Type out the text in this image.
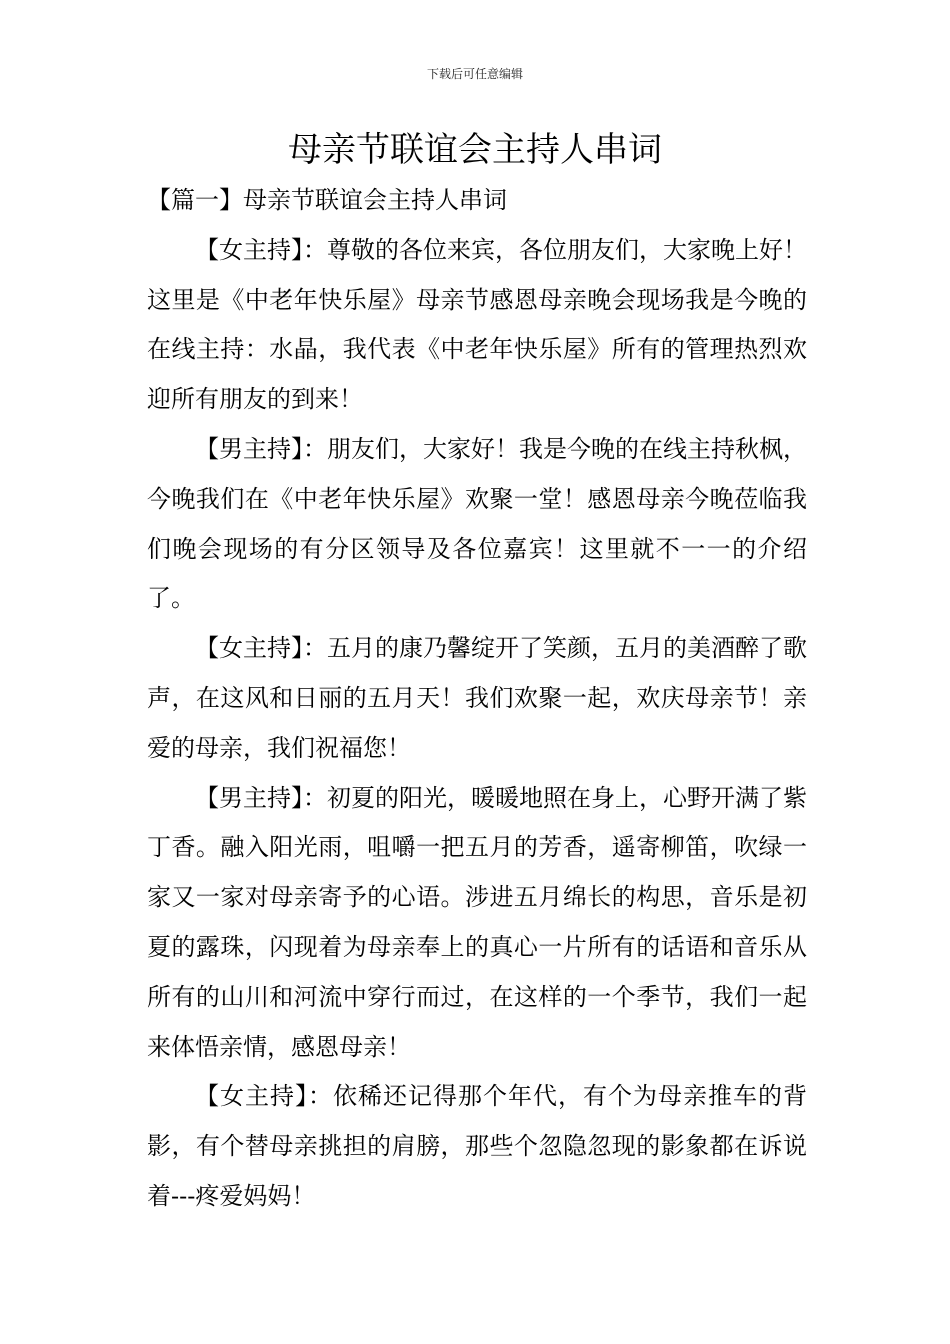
下载后可任意编辑
母亲节联谊会主持人串词

【篇一】母亲节联谊会主持人串词

【女主持】：尊敬的各位来宾，各位朋友们，大家晚上好！这里是《中老年快乐屋》母亲节感恩母亲晚会现场我是今晚的在线主持：水晶，我代表《中老年快乐屋》所有的管理热烈欢迎所有朋友的到来！

【男主持】：朋友们，大家好！我是今晚的在线主持秋枫，今晚我们在《中老年快乐屋》欢聚一堂！感恩母亲今晚莅临我们晚会现场的有分区领导及各位嘉宾！这里就不一一的介绍了。

【女主持】：五月的康乃馨绽开了笑颜，五月的美酒醉了歌声，在这风和日丽的五月天！我们欢聚一起，欢庆母亲节！亲爱的母亲，我们祝福您！

【男主持】：初夏的阳光，暖暖地照在身上，心野开满了紫丁香。融入阳光雨，咀嚼一把五月的芳香，遥寄柳笛，吹绿一家又一家对母亲寄予的心语。涉进五月绵长的构思，音乐是初夏的露珠，闪现着为母亲奉上的真心一片所有的话语和音乐从所有的山川和河流中穿行而过，在这样的一个季节，我们一起来体悟亲情，感恩母亲！

【女主持】：依稀还记得那个年代，有个为母亲推车的背影，有个替母亲挑担的肩膀，那些个忽隐忽现的影象都在诉说着---疼爱妈妈！
